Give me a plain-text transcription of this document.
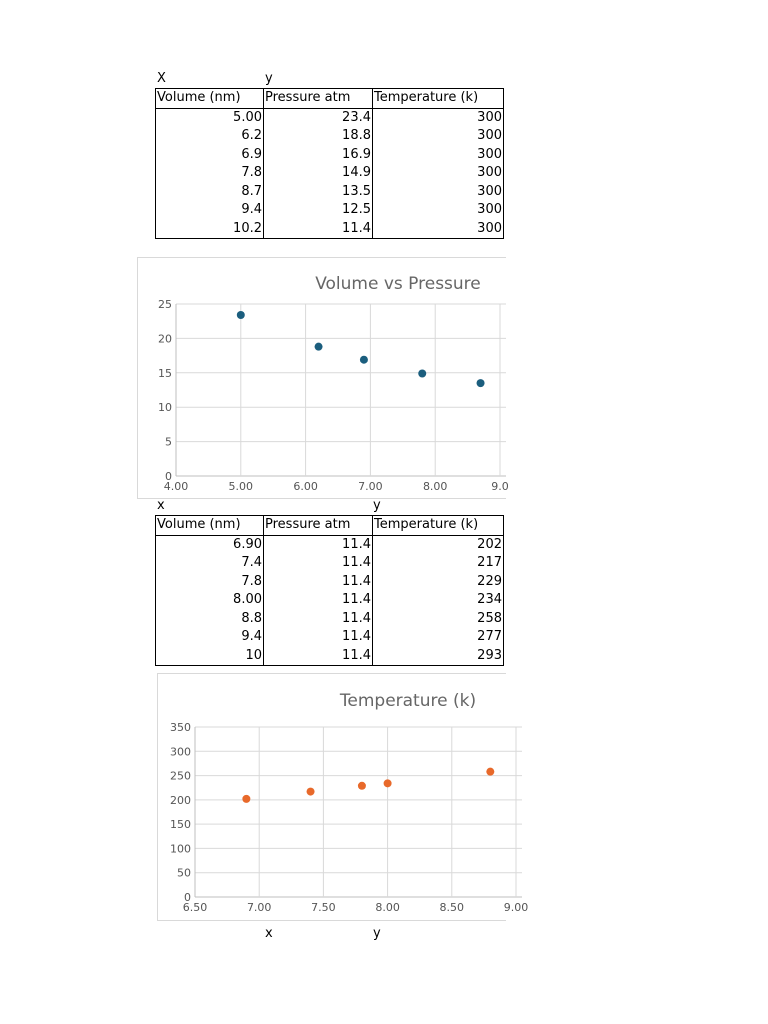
X	y
Volume (nm)	Pressure atm	Temperature (k)
5.00	23.4	300
6.2	18.8	300
6.9	16.9	300
7.8	14.9	300
8.7	13.5	300
9.4	12.5	300
10.2	11.4	300
Volume vs Pressure
0
5
10
15
20
25
4.00	5.00	6.00	7.00	8.00	9.0
x	y
Volume (nm)	Pressure atm	Temperature (k)
6.90	11.4	202
7.4	11.4	217
7.8	11.4	229
8.00	11.4	234
8.8	11.4	258
9.4	11.4	277
10	11.4	293
Temperature (k)
0
50
100
150
200
250
300
350
6.50	7.00	7.50	8.00	8.50	9.00
x	y
